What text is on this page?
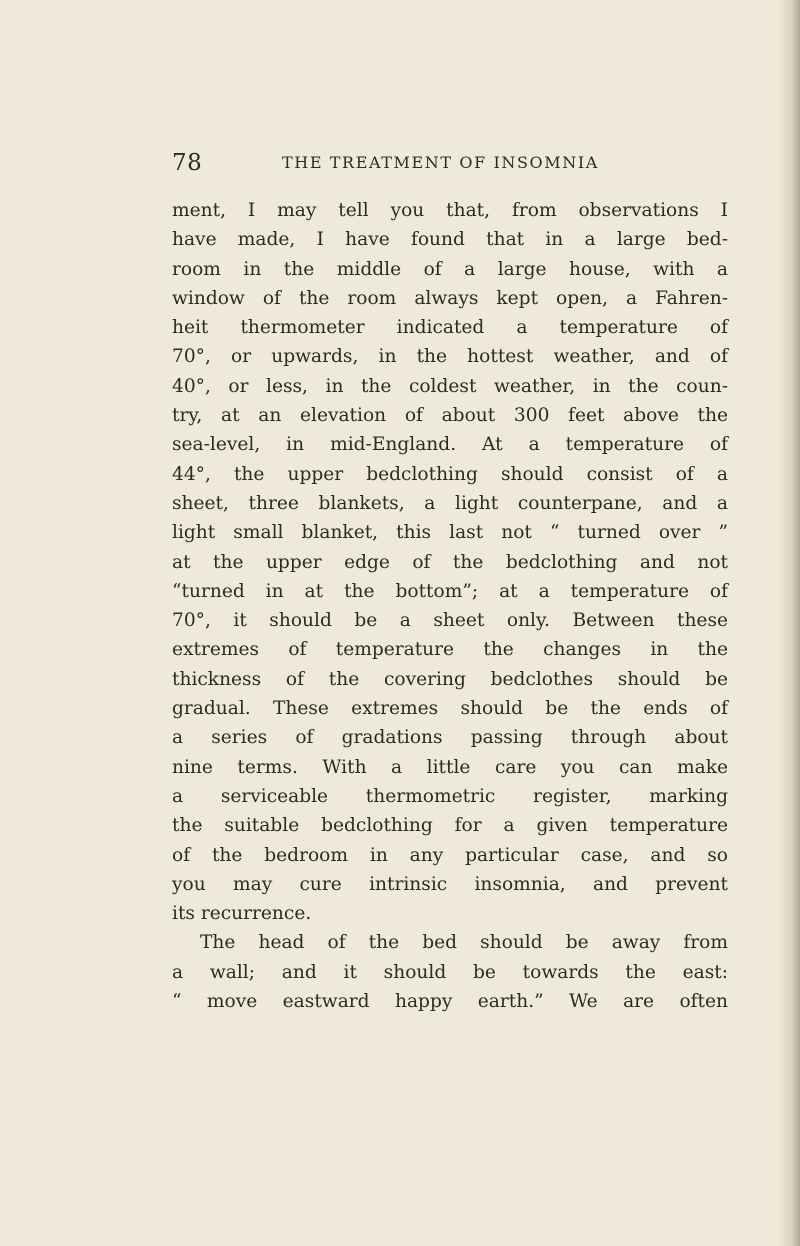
78	THE TREATMENT OF INSOMNIA
ment, I may tell you that, from observations I
have made, I have found that in a large bed-
room in the middle of a large house, with a
window of the room always kept open, a Fahren-
heit thermometer indicated a temperature of
70°, or upwards, in the hottest weather, and of
40°, or less, in the coldest weather, in the coun-
try, at an elevation of about 300 feet above the
sea-level, in mid-England. At a temperature of
44°, the upper bedclothing should consist of a
sheet, three blankets, a light counterpane, and a
light small blanket, this last not “ turned over ”
at the upper edge of the bedclothing and not
“turned in at the bottom”; at a temperature of
70°, it should be a sheet only. Between these
extremes of temperature the changes in the
thickness of the covering bedclothes should be
gradual. These extremes should be the ends of
a series of gradations passing through about
nine terms. With a little care you can make
a serviceable thermometric register, marking
the suitable bedclothing for a given temperature
of the bedroom in any particular case, and so
you may cure intrinsic insomnia, and prevent
its recurrence.
The head of the bed should be away from
a wall; and it should be towards the east:
“ move eastward happy earth.” We are often
